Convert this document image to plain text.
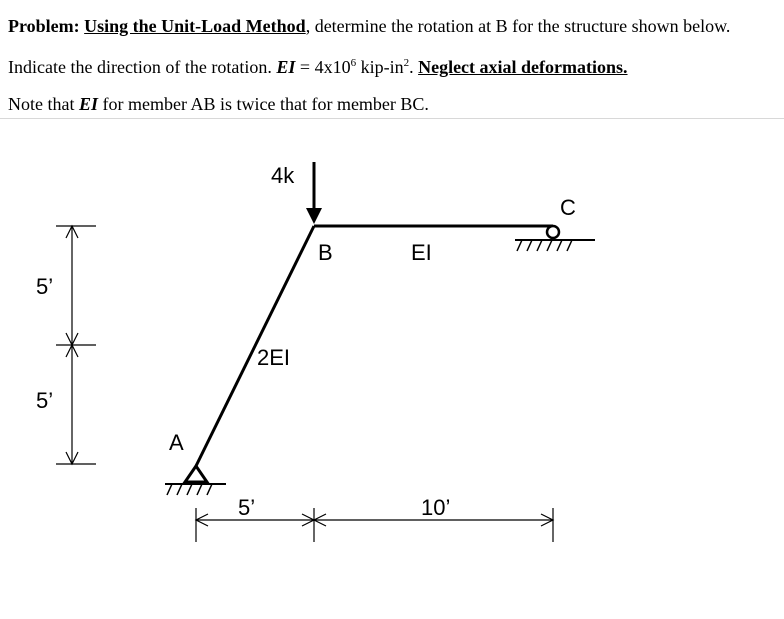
Problem: Using the Unit-Load Method, determine the rotation at B for the structure shown below. Indicate the direction of the rotation. EI = $4x10^6$ kip-$in^2$. Neglect axial deformations.
Note that EI for member AB is twice that for member BC.
4k
A
C
B	EI
2EI
5’
5’
5’	10’
